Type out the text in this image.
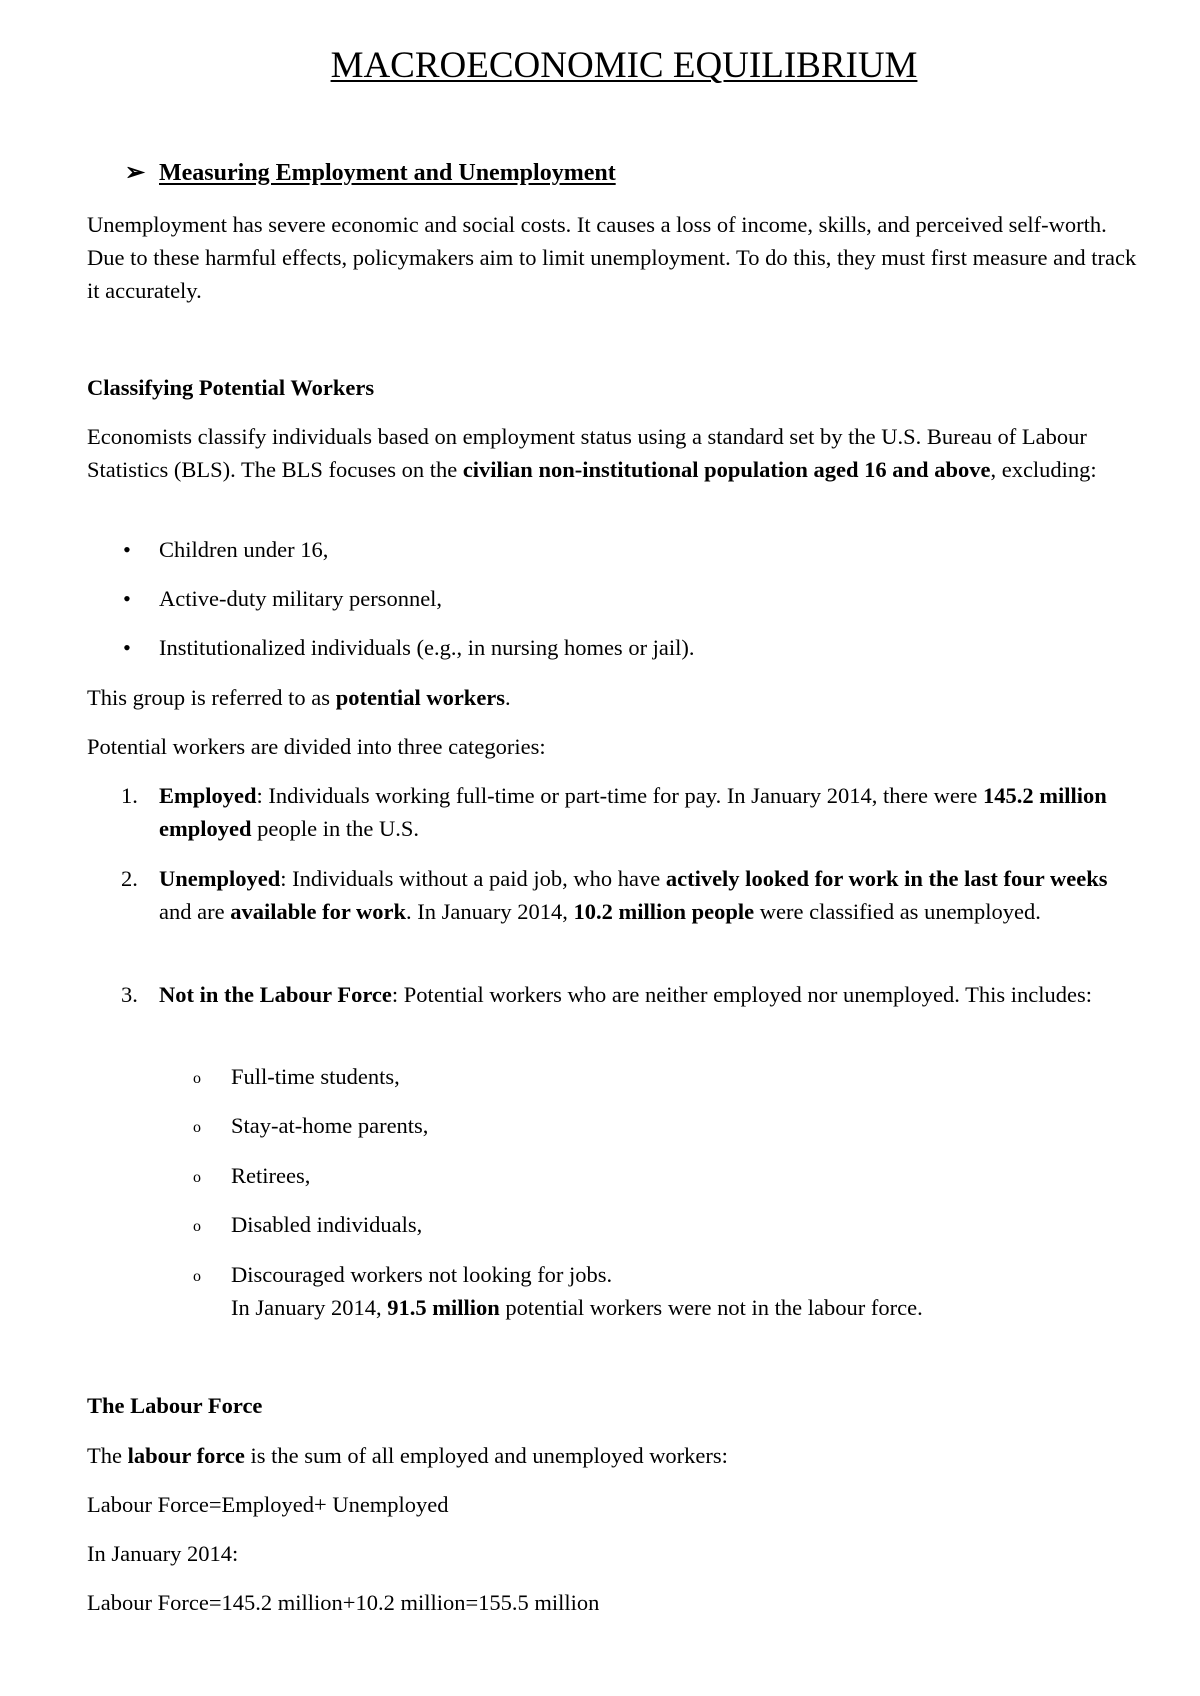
MACROECONOMIC EQUILIBRIUM
➢ Measuring Employment and Unemployment

Unemployment has severe economic and social costs. It causes a loss of income, skills, and perceived self-worth. Due to these harmful effects, policymakers aim to limit unemployment. To do this, they must first measure and track it accurately.

Classifying Potential Workers

Economists classify individuals based on employment status using a standard set by the U.S. Bureau of Labour Statistics (BLS). The BLS focuses on the civilian non-institutional population aged 16 and above, excluding:

• Children under 16,
• Active-duty military personnel,
• Institutionalized individuals (e.g., in nursing homes or jail).
This group is referred to as potential workers.
Potential workers are divided into three categories:
1. Employed: Individuals working full-time or part-time for pay. In January 2014, there were 145.2 million employed people in the U.S.
2. Unemployed: Individuals without a paid job, who have actively looked for work in the last four weeks and are available for work. In January 2014, 10.2 million people were classified as unemployed.
3. Not in the Labour Force: Potential workers who are neither employed nor unemployed. This includes:
o Full-time students,
o Stay-at-home parents,
o Retirees,
o Disabled individuals,
o Discouraged workers not looking for jobs.
In January 2014, 91.5 million potential workers were not in the labour force.
The Labour Force
The labour force is the sum of all employed and unemployed workers:
Labour Force=Employed+ Unemployed
In January 2014:
Labour Force=145.2 million+10.2 million=155.5 million
